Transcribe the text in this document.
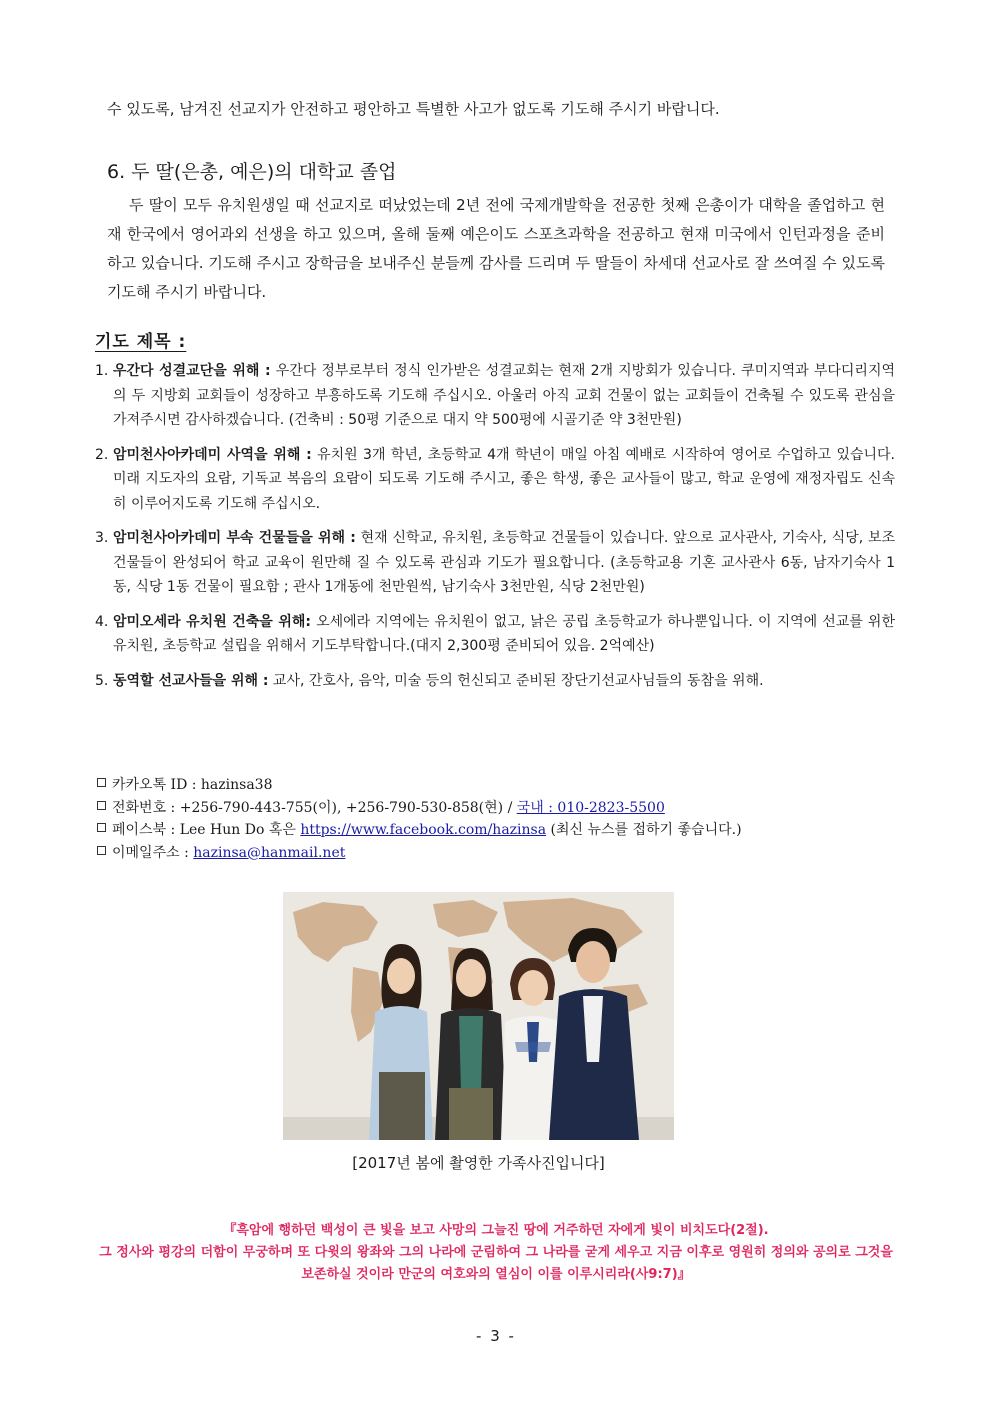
수 있도록, 남겨진 선교지가 안전하고 평안하고 특별한 사고가 없도록 기도해 주시기 바랍니다.

6. 두 딸(은총, 예은)의 대학교 졸업

두 딸이 모두 유치원생일 때 선교지로 떠났었는데 2년 전에 국제개발학을 전공한 첫째 은총이가 대학을 졸업하고 현재 한국에서 영어과외 선생을 하고 있으며, 올해 둘째 예은이도 스포츠과학을 전공하고 현재 미국에서 인턴과정을 준비하고 있습니다. 기도해 주시고 장학금을 보내주신 분들께 감사를 드리며 두 딸들이 차세대 선교사로 잘 쓰여질 수 있도록 기도해 주시기 바랍니다.

기도 제목 :
1. 우간다 성결교단을 위해 : 우간다 정부로부터 정식 인가받은 성결교회는 현재 2개 지방회가 있습니다. 쿠미지역과 부다디리지역의 두 지방회 교회들이 성장하고 부흥하도록 기도해 주십시오. 아울러 아직 교회 건물이 없는 교회들이 건축될 수 있도록 관심을 가져주시면 감사하겠습니다. (건축비 : 50평 기준으로 대지 약 500평에 시골기준 약 3천만원)
2. 암미천사아카데미 사역을 위해 : 유치원 3개 학년, 초등학교 4개 학년이 매일 아침 예배로 시작하여 영어로 수업하고 있습니다. 미래 지도자의 요람, 기독교 복음의 요람이 되도록 기도해 주시고, 좋은 학생, 좋은 교사들이 많고, 학교 운영에 재정자립도 신속히 이루어지도록 기도해 주십시오.
3. 암미천사아카데미 부속 건물들을 위해 : 현재 신학교, 유치원, 초등학교 건물들이 있습니다. 앞으로 교사관사, 기숙사, 식당, 보조건물들이 완성되어 학교 교육이 원만해 질 수 있도록 관심과 기도가 필요합니다. (초등학교용 기혼 교사관사 6동, 남자기숙사 1동, 식당 1동 건물이 필요함 ; 관사 1개동에 천만원씩, 남기숙사 3천만원, 식당 2천만원)
4. 암미오세라 유치원 건축을 위해: 오세에라 지역에는 유치원이 없고, 낡은 공립 초등학교가 하나뿐입니다. 이 지역에 선교를 위한 유치원, 초등학교 설립을 위해서 기도부탁합니다.(대지 2,300평 준비되어 있음. 2억예산)
5. 동역할 선교사들을 위해 : 교사, 간호사, 음악, 미술 등의 헌신되고 준비된 장단기선교사님들의 동참을 위해.
카카오톡 ID : hazinsa38
전화번호 : +256-790-443-755(이), +256-790-530-858(현) / 국내 : 010-2823-5500
페이스북 : Lee Hun Do 혹은 https://www.facebook.com/hazinsa (최신 뉴스를 접하기 좋습니다.)
이메일주소 : hazinsa@hanmail.net
[2017년 봄에 촬영한 가족사진입니다]
『흑암에 행하던 백성이 큰 빛을 보고 사망의 그늘진 땅에 거주하던 자에게 빛이 비치도다(2절).
그 정사와 평강의 더함이 무궁하며 또 다윗의 왕좌와 그의 나라에 군림하여 그 나라를 굳게 세우고 지금 이후로 영원히 정의와 공의로 그것을
보존하실 것이라 만군의 여호와의 열심이 이를 이루시리라(사9:7)』
- 3 -
